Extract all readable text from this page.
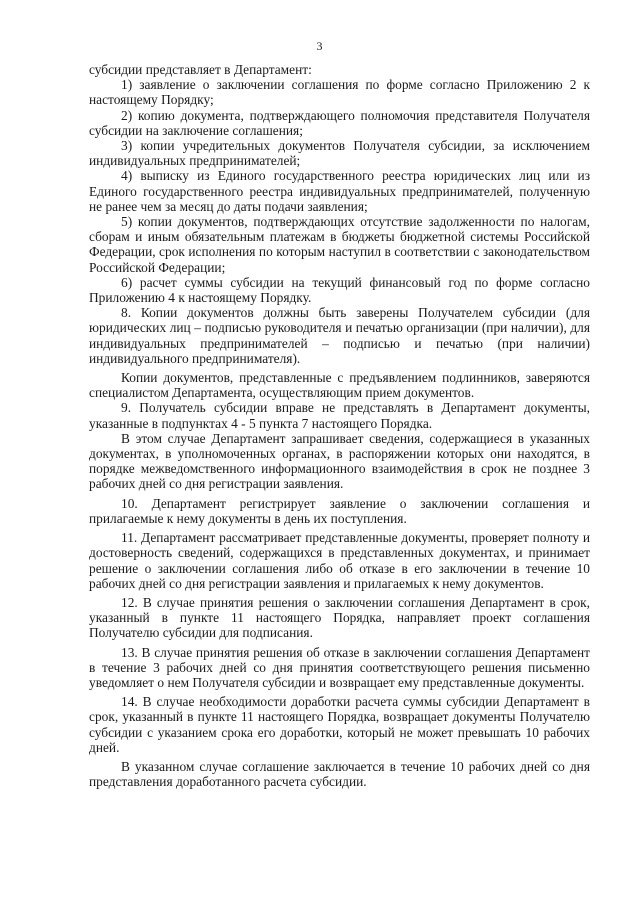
3

субсидии представляет в Департамент:

1) заявление о заключении соглашения по форме согласно Приложению 2 к настоящему Порядку;

2) копию документа, подтверждающего полномочия представителя Получателя субсидии на заключение соглашения;

3) копии учредительных документов Получателя субсидии, за исключением индивидуальных предпринимателей;

4) выписку из Единого государственного реестра юридических лиц или из Единого государственного реестра индивидуальных предпринимателей, полученную не ранее чем за месяц до даты подачи заявления;

5) копии документов, подтверждающих отсутствие задолженности по налогам, сборам и иным обязательным платежам в бюджеты бюджетной системы Российской Федерации, срок исполнения по которым наступил в соответствии с законодательством Российской Федерации;

6) расчет суммы субсидии на текущий финансовый год по форме согласно Приложению 4 к настоящему Порядку.

8. Копии документов должны быть заверены Получателем субсидии (для юридических лиц – подписью руководителя и печатью организации (при наличии), для индивидуальных предпринимателей – подписью и печатью (при наличии) индивидуального предпринимателя).

Копии документов, представленные с предъявлением подлинников, заверяются специалистом Департамента, осуществляющим прием документов.

9. Получатель субсидии вправе не представлять в Департамент документы, указанные в подпунктах 4 - 5 пункта 7 настоящего Порядка.

В этом случае Департамент запрашивает сведения, содержащиеся в указанных документах, в уполномоченных органах, в распоряжении которых они находятся, в порядке межведомственного информационного взаимодействия в срок не позднее 3 рабочих дней со дня регистрации заявления.

10. Департамент регистрирует заявление о заключении соглашения и прилагаемые к нему документы в день их поступления.

11. Департамент рассматривает представленные документы, проверяет полноту и достоверность сведений, содержащихся в представленных документах, и принимает решение о заключении соглашения либо об отказе в его заключении в течение 10 рабочих дней со дня регистрации заявления и прилагаемых к нему документов.

12. В случае принятия решения о заключении соглашения Департамент в срок, указанный в пункте 11 настоящего Порядка, направляет проект соглашения Получателю субсидии для подписания.

13. В случае принятия решения об отказе в заключении соглашения Департамент в течение 3 рабочих дней со дня принятия соответствующего решения письменно уведомляет о нем Получателя субсидии и возвращает ему представленные документы.

14. В случае необходимости доработки расчета суммы субсидии Департамент в срок, указанный в пункте 11 настоящего Порядка, возвращает документы Получателю субсидии с указанием срока его доработки, который не может превышать 10 рабочих дней.

В указанном случае соглашение заключается в течение 10 рабочих дней со дня представления доработанного расчета субсидии.
